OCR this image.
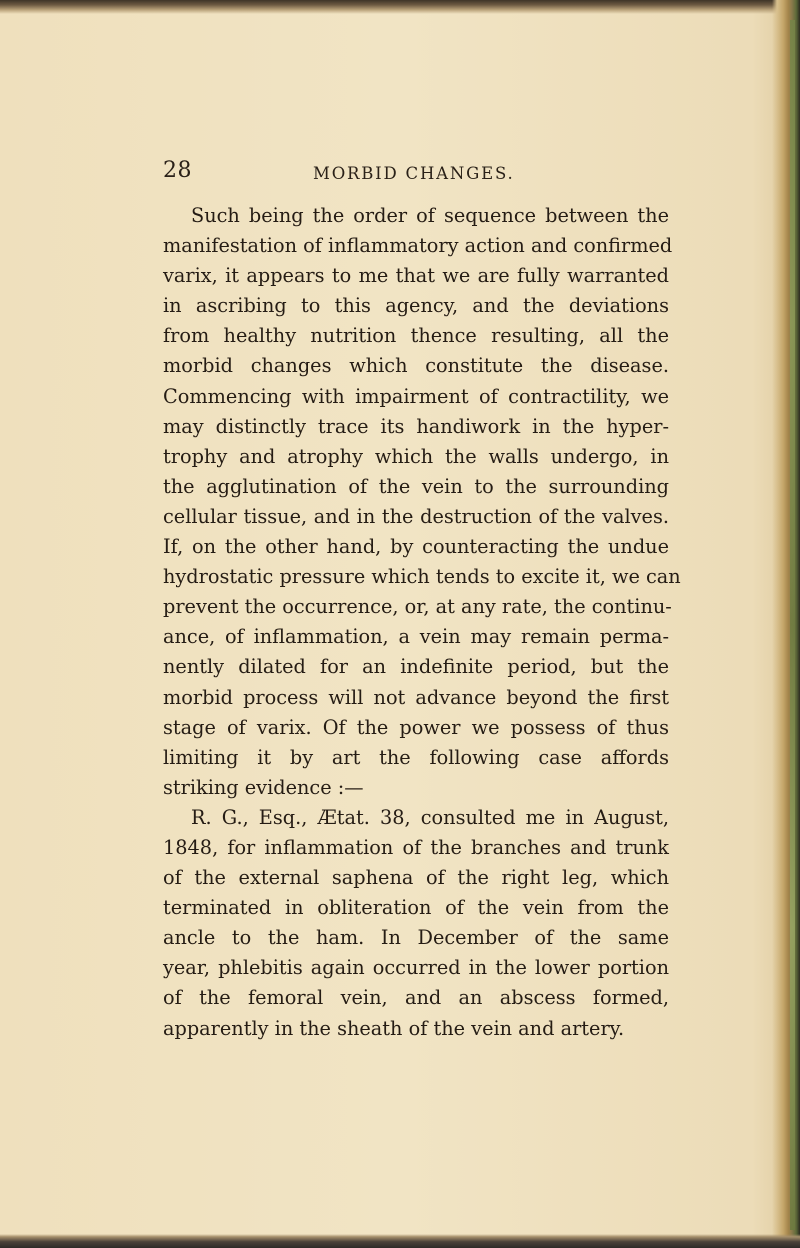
28	MORBID CHANGES.
Such being the order of sequence between the
manifestation of inflammatory action and confirmed
varix, it appears to me that we are fully warranted
in ascribing to this agency, and the deviations
from healthy nutrition thence resulting, all the
morbid changes which constitute the disease.
Commencing with impairment of contractility, we
may distinctly trace its handiwork in the hyper-
trophy and atrophy which the walls undergo, in
the agglutination of the vein to the surrounding
cellular tissue, and in the destruction of the valves.
If, on the other hand, by counteracting the undue
hydrostatic pressure which tends to excite it, we can
prevent the occurrence, or, at any rate, the continu-
ance, of inflammation, a vein may remain perma-
nently dilated for an indefinite period, but the
morbid process will not advance beyond the first
stage of varix. Of the power we possess of thus
limiting it by art the following case affords
striking evidence :—
R. G., Esq., Ætat. 38, consulted me in August,
1848, for inflammation of the branches and trunk
of the external saphena of the right leg, which
terminated in obliteration of the vein from the
ancle to the ham. In December of the same
year, phlebitis again occurred in the lower portion
of the femoral vein, and an abscess formed,
apparently in the sheath of the vein and artery.
